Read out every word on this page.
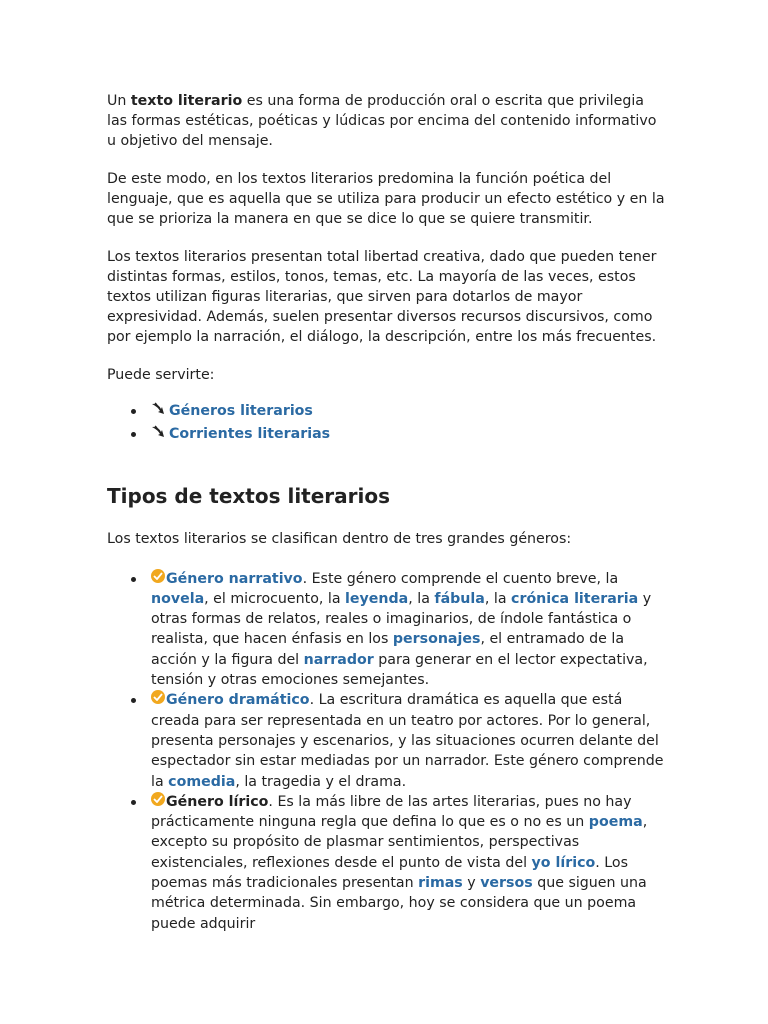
Un texto literario es una forma de producción oral o escrita que privilegia las formas estéticas, poéticas y lúdicas por encima del contenido informativo u objetivo del mensaje.

De este modo, en los textos literarios predomina la función poética del lenguaje, que es aquella que se utiliza para producir un efecto estético y en la que se prioriza la manera en que se dice lo que se quiere transmitir.

Los textos literarios presentan total libertad creativa, dado que pueden tener distintas formas, estilos, tonos, temas, etc. La mayoría de las veces, estos textos utilizan figuras literarias, que sirven para dotarlos de mayor expresividad. Además, suelen presentar diversos recursos discursivos, como por ejemplo la narración, el diálogo, la descripción, entre los más frecuentes.

Puede servirte:

Géneros literarios
Corrientes literarias
Tipos de textos literarios

Los textos literarios se clasifican dentro de tres grandes géneros:

Género narrativo. Este género comprende el cuento breve, la novela, el microcuento, la leyenda, la fábula, la crónica literaria y otras formas de relatos, reales o imaginarios, de índole fantástica o realista, que hacen énfasis en los personajes, el entramado de la acción y la figura del narrador para generar en el lector expectativa, tensión y otras emociones semejantes.
Género dramático. La escritura dramática es aquella que está creada para ser representada en un teatro por actores. Por lo general, presenta personajes y escenarios, y las situaciones ocurren delante del espectador sin estar mediadas por un narrador. Este género comprende la comedia, la tragedia y el drama.
Género lírico. Es la más libre de las artes literarias, pues no hay prácticamente ninguna regla que defina lo que es o no es un poema, excepto su propósito de plasmar sentimientos, perspectivas existenciales, reflexiones desde el punto de vista del yo lírico. Los poemas más tradicionales presentan rimas y versos que siguen una métrica determinada. Sin embargo, hoy se considera que un poema puede adquirir
